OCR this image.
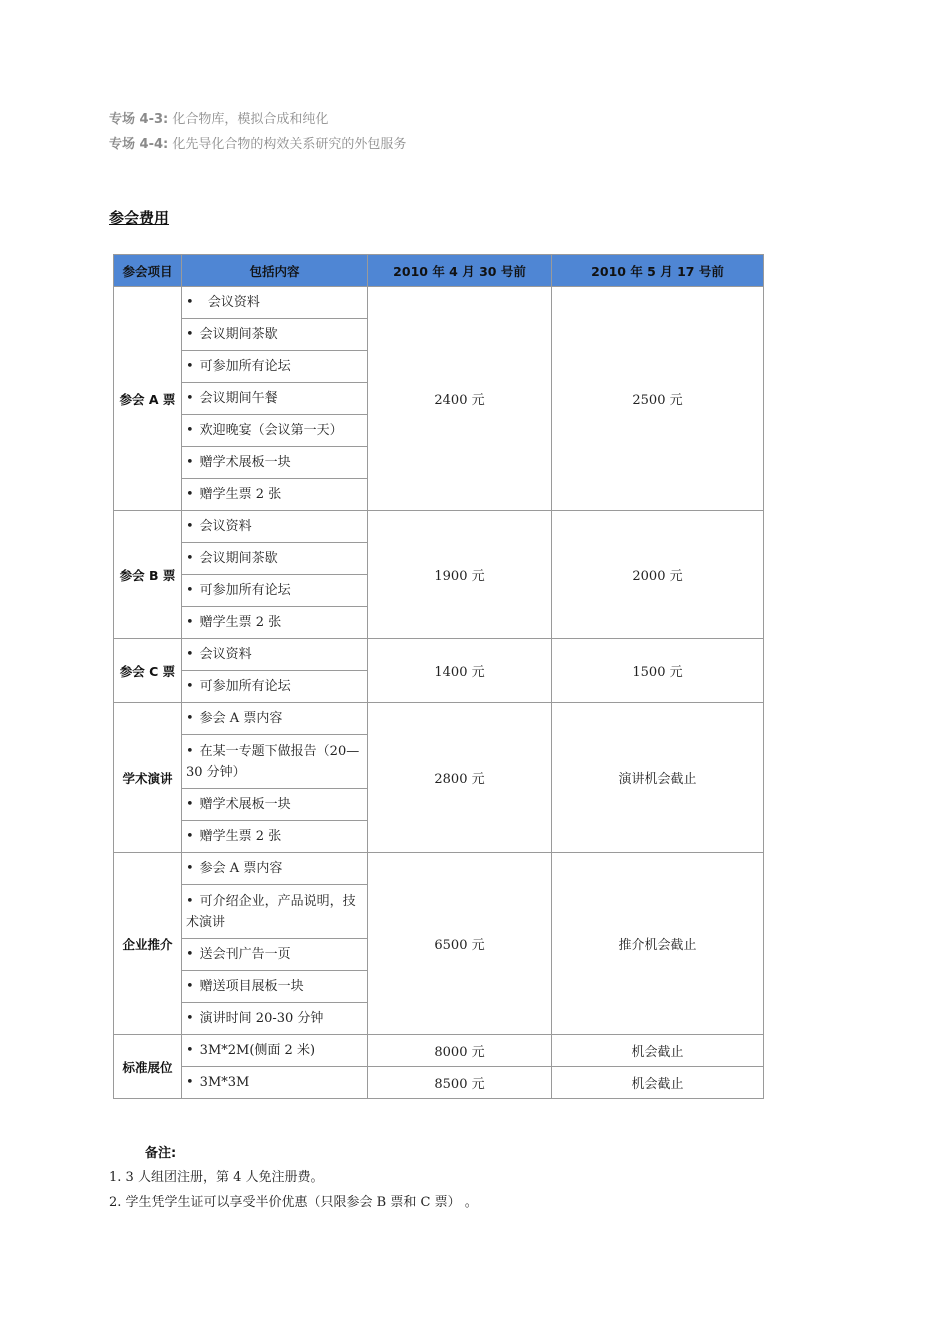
专场 4-3: 化合物库，模拟合成和纯化
专场 4-4: 化先导化合物的构效关系研究的外包服务
参会费用
参会项目	包括内容	2010 年 4 月 30 号前	2010 年 5 月 17 号前
参会 A 票	•  会议资料	2400 元	2500 元
	• 会议期间茶歇		
	• 可参加所有论坛		
	• 会议期间午餐		
	• 欢迎晚宴（会议第一天）		
	• 赠学术展板一块		
	• 赠学生票 2 张		
参会 B 票	• 会议资料	1900 元	2000 元
	• 会议期间茶歇		
	• 可参加所有论坛		
	• 赠学生票 2 张		
参会 C 票	• 会议资料	1400 元	1500 元
	• 可参加所有论坛		
学术演讲	• 参会 A 票内容	2800 元	演讲机会截止
	• 在某一专题下做报告（20—30 分钟）		
	• 赠学术展板一块		
	• 赠学生票 2 张		
企业推介	• 参会 A 票内容	6500 元	推介机会截止
	• 可介绍企业，产品说明，技术演讲		
	• 送会刊广告一页		
	• 赠送项目展板一块		
	• 演讲时间 20-30 分钟		
标准展位	• 3M*2M(侧面 2 米)	8000 元	机会截止
	• 3M*3M	8500 元	机会截止
备注:
1. 3 人组团注册，第 4 人免注册费。
2. 学生凭学生证可以享受半价优惠（只限参会 B 票和 C 票） 。
